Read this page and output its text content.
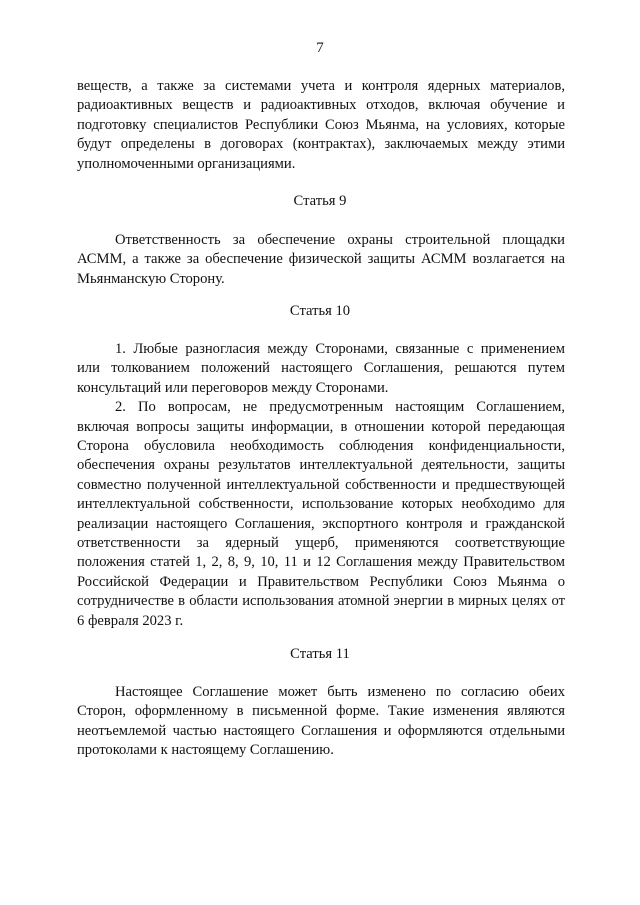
7

веществ, а также за системами учета и контроля ядерных материалов, радиоактивных веществ и радиоактивных отходов, включая обучение и подготовку специалистов Республики Союз Мьянма, на условиях, которые будут определены в договорах (контрактах), заключаемых между этими уполномоченными организациями.

Статья 9

Ответственность за обеспечение охраны строительной площадки АСММ, а также за обеспечение физической защиты АСММ возлагается на Мьянманскую Сторону.

Статья 10

1. Любые разногласия между Сторонами, связанные с применением или толкованием положений настоящего Соглашения, решаются путем консультаций или переговоров между Сторонами.

2. По вопросам, не предусмотренным настоящим Соглашением, включая вопросы защиты информации, в отношении которой передающая Сторона обусловила необходимость соблюдения конфиденциальности, обеспечения охраны результатов интеллектуальной деятельности, защиты совместно полученной интеллектуальной собственности и предшествующей интеллектуальной собственности, использование которых необходимо для реализации настоящего Соглашения, экспортного контроля и гражданской ответственности за ядерный ущерб, применяются соответствующие положения статей 1, 2, 8, 9, 10, 11 и 12 Соглашения между Правительством Российской Федерации и Правительством Республики Союз Мьянма о сотрудничестве в области использования атомной энергии в мирных целях от 6 февраля 2023 г.

Статья 11

Настоящее Соглашение может быть изменено по согласию обеих Сторон, оформленному в письменной форме. Такие изменения являются неотъемлемой частью настоящего Соглашения и оформляются отдельными протоколами к настоящему Соглашению.
